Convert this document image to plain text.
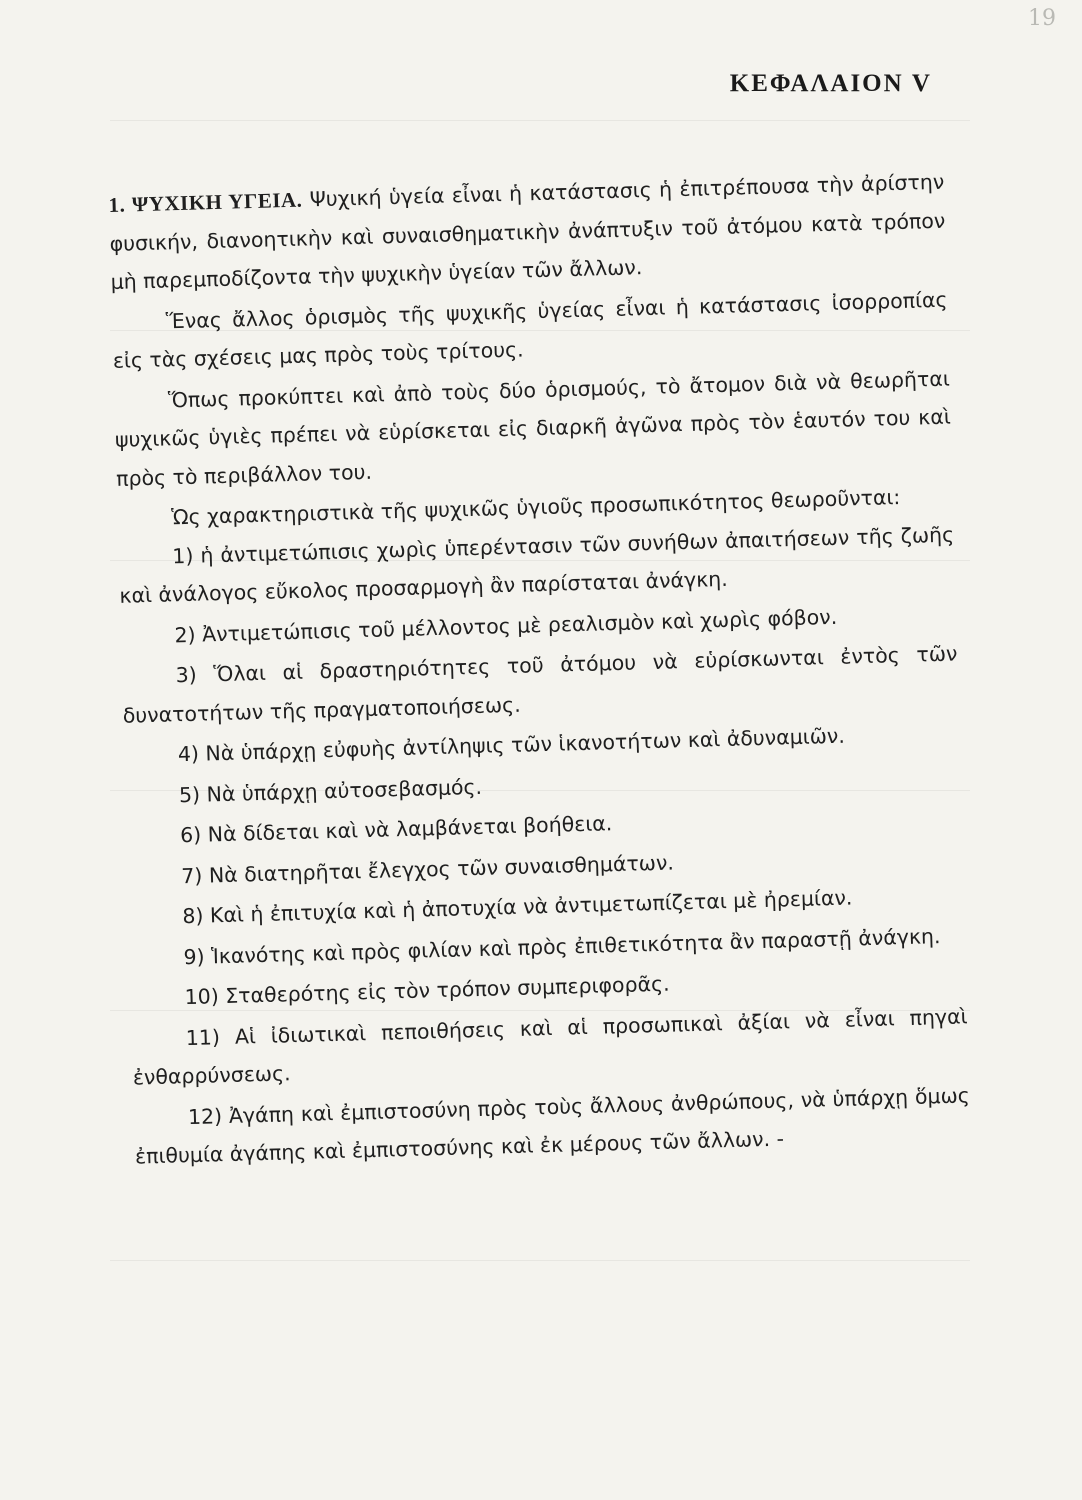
19
ΚΕΦΑΛΑΙΟΝ V

1. ΨΥΧΙΚΗ ΥΓΕΙΑ. Ψυχική ὑγεία εἶναι ἡ κατάστασις ἡ ἐπιτρέπουσα τὴν ἀρίστην φυσικήν, διανοητικὴν καὶ συναισθηματικὴν ἀνάπτυξιν τοῦ ἀτόμου κατὰ τρόπον μὴ παρεμποδίζοντα τὴν ψυχικὴν ὑγείαν τῶν ἄλλων.

Ἕνας ἄλλος ὁρισμὸς τῆς ψυχικῆς ὑγείας εἶναι ἡ κατάστασις ἰσορροπίας εἰς τὰς σχέσεις μας πρὸς τοὺς τρίτους.

Ὅπως προκύπτει καὶ ἀπὸ τοὺς δύο ὁρισμούς, τὸ ἄτομον διὰ νὰ θεωρῆται ψυχικῶς ὑγιὲς πρέπει νὰ εὑρίσκεται εἰς διαρκῆ ἀγῶνα πρὸς τὸν ἑαυτόν του καὶ πρὸς τὸ περιβάλλον του.

Ὡς χαρακτηριστικὰ τῆς ψυχικῶς ὑγιοῦς προσωπικότητος θεωροῦνται:

1) ἡ ἀντιμετώπισις χωρὶς ὑπερέντασιν τῶν συνήθων ἀπαιτήσεων τῆς ζωῆς καὶ ἀνάλογος εὔκολος προσαρμογὴ ἂν παρίσταται ἀνάγκη.

2) Ἀντιμετώπισις τοῦ μέλλοντος μὲ ρεαλισμὸν καὶ χωρὶς φόβον.

3) Ὅλαι αἱ δραστηριότητες τοῦ ἀτόμου νὰ εὑρίσκωνται ἐντὸς τῶν δυνατοτήτων τῆς πραγματοποιήσεως.

4) Νὰ ὑπάρχῃ εὐφυὴς ἀντίληψις τῶν ἱκανοτήτων καὶ ἀδυναμιῶν.

5) Νὰ ὑπάρχῃ αὐτοσεβασμός.

6) Νὰ δίδεται καὶ νὰ λαμβάνεται βοήθεια.

7) Νὰ διατηρῆται ἔλεγχος τῶν συναισθημάτων.

8) Καὶ ἡ ἐπιτυχία καὶ ἡ ἀποτυχία νὰ ἀντιμετωπίζεται μὲ ἠρεμίαν.

9) Ἱκανότης καὶ πρὸς φιλίαν καὶ πρὸς ἐπιθετικότητα ἂν παραστῇ ἀνάγκη.

10) Σταθερότης εἰς τὸν τρόπον συμπεριφορᾶς.

11) Αἱ ἰδιωτικαὶ πεποιθήσεις καὶ αἱ προσωπικαὶ ἀξίαι νὰ εἶναι πηγαὶ ἐνθαρρύνσεως.

12) Ἀγάπη καὶ ἐμπιστοσύνη πρὸς τοὺς ἄλλους ἀνθρώπους, νὰ ὑπάρχῃ ὅμως ἐπιθυμία ἀγάπης καὶ ἐμπιστοσύνης καὶ ἐκ μέρους τῶν ἄλλων. -
